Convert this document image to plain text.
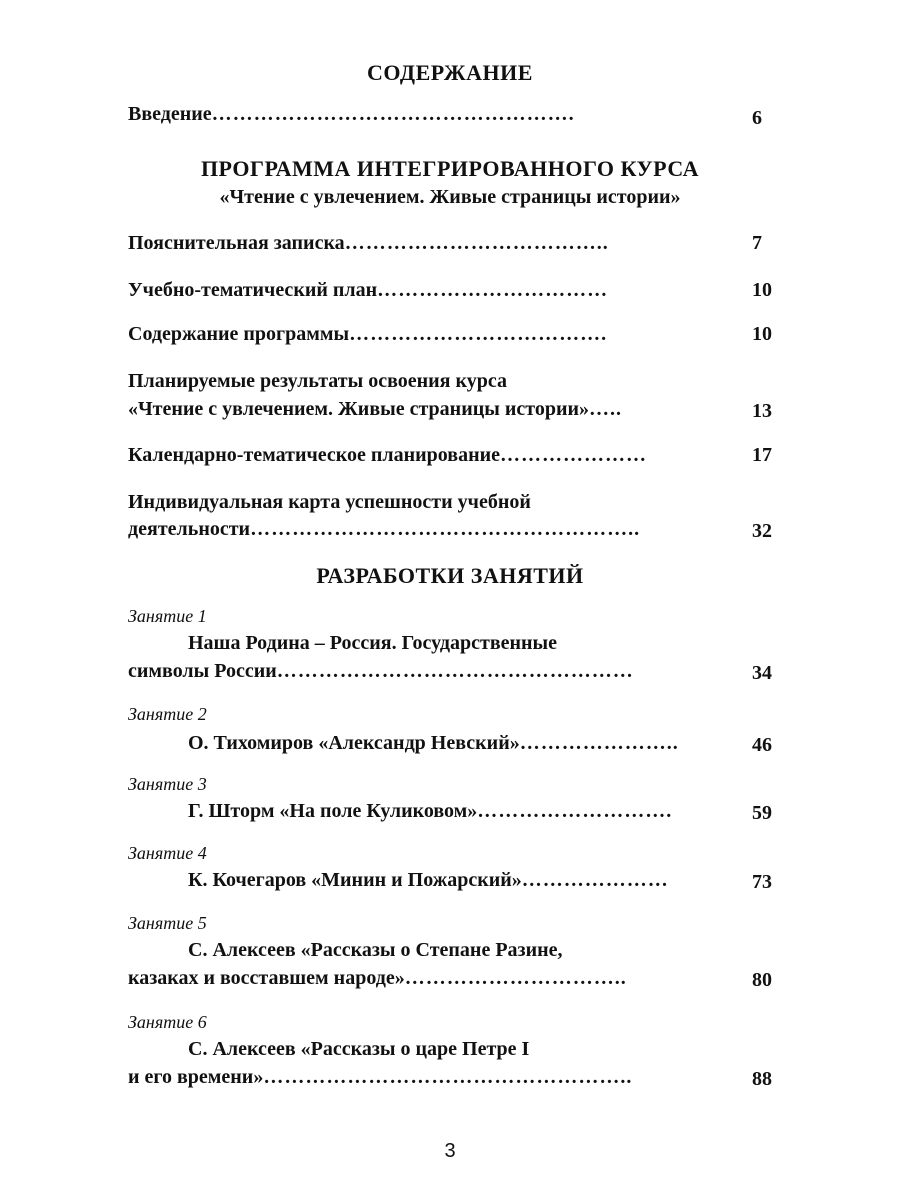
СОДЕРЖАНИЕ
Введение …………………………………………….	6
ПРОГРАММА ИНТЕГРИРОВАННОГО КУРСА
«Чтение с увлечением. Живые страницы истории»
Пояснительная записка ………………………………..	7
Учебно-тематический план ……………………………	10
Содержание программы ……………………………….	10
Планируемые результаты освоения курса
«Чтение с увлечением. Живые страницы истории» …..	13
Календарно-тематическое планирование …………………	17
Индивидуальная карта успешности учебной
деятельности ………………………………………………..	32
РАЗРАБОТКИ ЗАНЯТИЙ
Занятие 1
Наша Родина – Россия. Государственные
символы России ……………………………………………	34
Занятие 2
О. Тихомиров «Александр Невский» …………………..	46
Занятие 3
Г. Шторм «На поле Куликовом» ……………………….	59
Занятие 4
К. Кочегаров «Минин и Пожарский» …………………	73
Занятие 5
С. Алексеев «Рассказы о Степане Разине,
казаках и восставшем народе» …………………………..	80
Занятие 6
С. Алексеев «Рассказы о царе Петре I
и его времени» ……………………………………………..	88
3
